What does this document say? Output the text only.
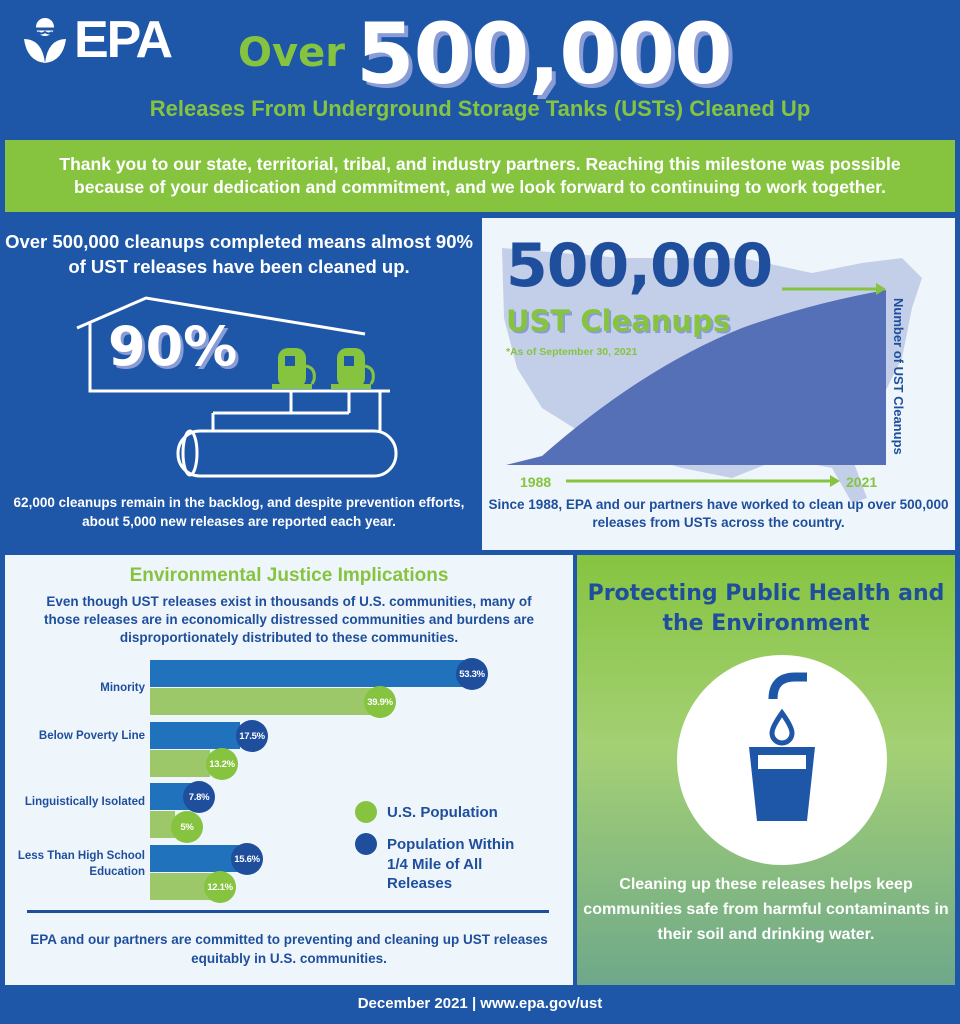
EPA Over 500,000
Releases From Underground Storage Tanks (USTs) Cleaned Up
Thank you to our state, territorial, tribal, and industry partners. Reaching this milestone was possible because of your dedication and commitment, and we look forward to continuing to work together.
Over 500,000 cleanups completed means almost 90% of UST releases have been cleaned up.
62,000 cleanups remain in the backlog, and despite prevention efforts, about 5,000 new releases are reported each year.
90%
500,000
UST Cleanups
*As of September 30, 2021	Number of UST Cleanups
1988	2021
Since 1988, EPA and our partners have worked to clean up over 500,000 releases from USTs across the country.
Environmental Justice Implications
Even though UST releases exist in thousands of U.S. communities, many of those releases are in economically distressed communities and burdens are disproportionately distributed to these communities.
Minority
53.3%
39.9%
Below Poverty Line	17.5%
13.2%
Linguistically Isolated	7.8%
5%
Less Than High School Education
15.6%
12.1%
U.S. Population
Population Within 1/4 Mile of All Releases
EPA and our partners are committed to preventing and cleaning up UST releases equitably in U.S. communities.
Protecting Public Health and the Environment
Cleaning up these releases helps keep communities safe from harmful contaminants in their soil and drinking water.
December 2021 | www.epa.gov/ust
